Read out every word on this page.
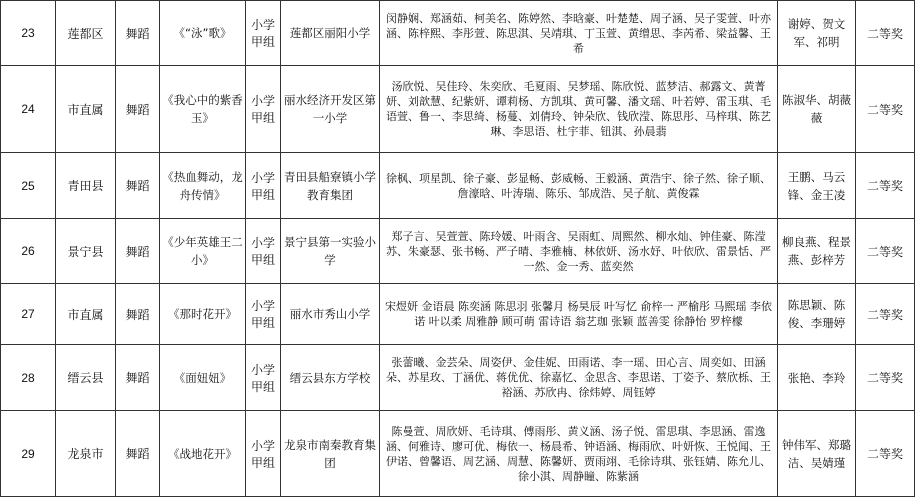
23	莲都区	舞蹈	《“泳”歌》	小学甲组	莲都区丽阳小学	闵静娴、郑涵茹、柯美名、陈婷然、李晗豪、叶楚楚、周子涵、吴子雯萱、叶亦涵、陈梓熙、李彤萱、陈思淇、吴靖琪、丁玉萱、黄缯思、李芮希、梁益馨、王 希	谢婷、贺文军、祁明	二等奖
24	市直属	舞蹈	《我心中的紫香玉》	小学甲组	丽水经济开发区第一小学	汤欣悦、吴佳玲、朱奕欣、毛夏雨、吴梦瑶、陈欣悦、蓝梦洁、郝露文、黄菁妍、刘歆慧、纪紫妍、谭莉杨、方凯琪、黄可馨、潘文瑶、叶若婷、雷玉琪、毛语萱、鲁一、李思绮、杨蔓、刘倩玲、钟朵欣、钱欣滢、陈思彤、马梓琪、陈艺琳、李思语、杜宇菲、钮淇、孙晨翡	陈淑华、胡薇薇	二等奖
25	青田县	舞蹈	《热血舞动，龙舟传情》	小学甲组	青田县船寮镇小学教育集团	徐枫、项星凯、徐子豪、彭显畅、彭威畅、王毅涵、黄浩宇、徐子然、徐子顺、詹濠晗、叶涛瑞、陈乐、邹成浩、吴子航、黄俊霖	王鹏、马云锋、金王凌	二等奖
26	景宁县	舞蹈	《少年英雄王二小》	小学甲组	景宁县第一实验小学	郑子言、吴萱萱、陈玲媛、叶雨含、吴雨虹、周熙然、柳水灿、钟佳豪、陈滢苏、朱豪瑟、张书畅、严子晴、李雅楠、林依妍、汤水妤、叶依欣、雷景恬、严一然、金一秀、蓝奕然	柳良燕、程景燕、彭梓芳	二等奖
27	市直属	舞蹈	《那时花开》	小学甲组	丽水市秀山小学	宋煜妍 金语晨 陈奕涵 陈思羽 张馨月 杨昊辰 叶写忆 俞梓一 严榆彤 马熙瑶 李依诺 叶以柔 周雅静 顾可萌 雷诗语 翁艺珈 张颖 蓝善雯 徐静怡 罗梓檬	陈思颖、陈俊、李珊婷	二等奖
28	缙云县	舞蹈	《面妞妞》	小学甲组	缙云县东方学校	张蕾曦、金芸朵、周姿伊、金佳妮、田雨诺、李一瑶、田心言、周奕如、田涵朵、苏星玫、丁涵优、蒋优优、徐嘉忆、金思含、李思诺、丁姿予、蔡欣栎、王裕涵、苏欣冉、徐炜婷、周钰婷	张艳、李羚	二等奖
29	龙泉市	舞蹈	《战地花开》	小学甲组	龙泉市南秦教育集团	陈曼萱、周欣妍、毛诗琪、傅雨彤、黄义涵、汤子悦、雷思琪、李思涵、雷逸涵、何雅诗、廖可优、梅依一、杨晨希、钟语涵、梅雨欣、叶妍恢、王悦闻、王伊诺、曾馨语、周艺涵、周慧、陈馨妍、贾雨翊、毛徐诗琪、张钰婧、陈允儿、徐小淇、周静瞳、陈紫涵	钟伟军、郑璐洁、吴婧瑾	二等奖
